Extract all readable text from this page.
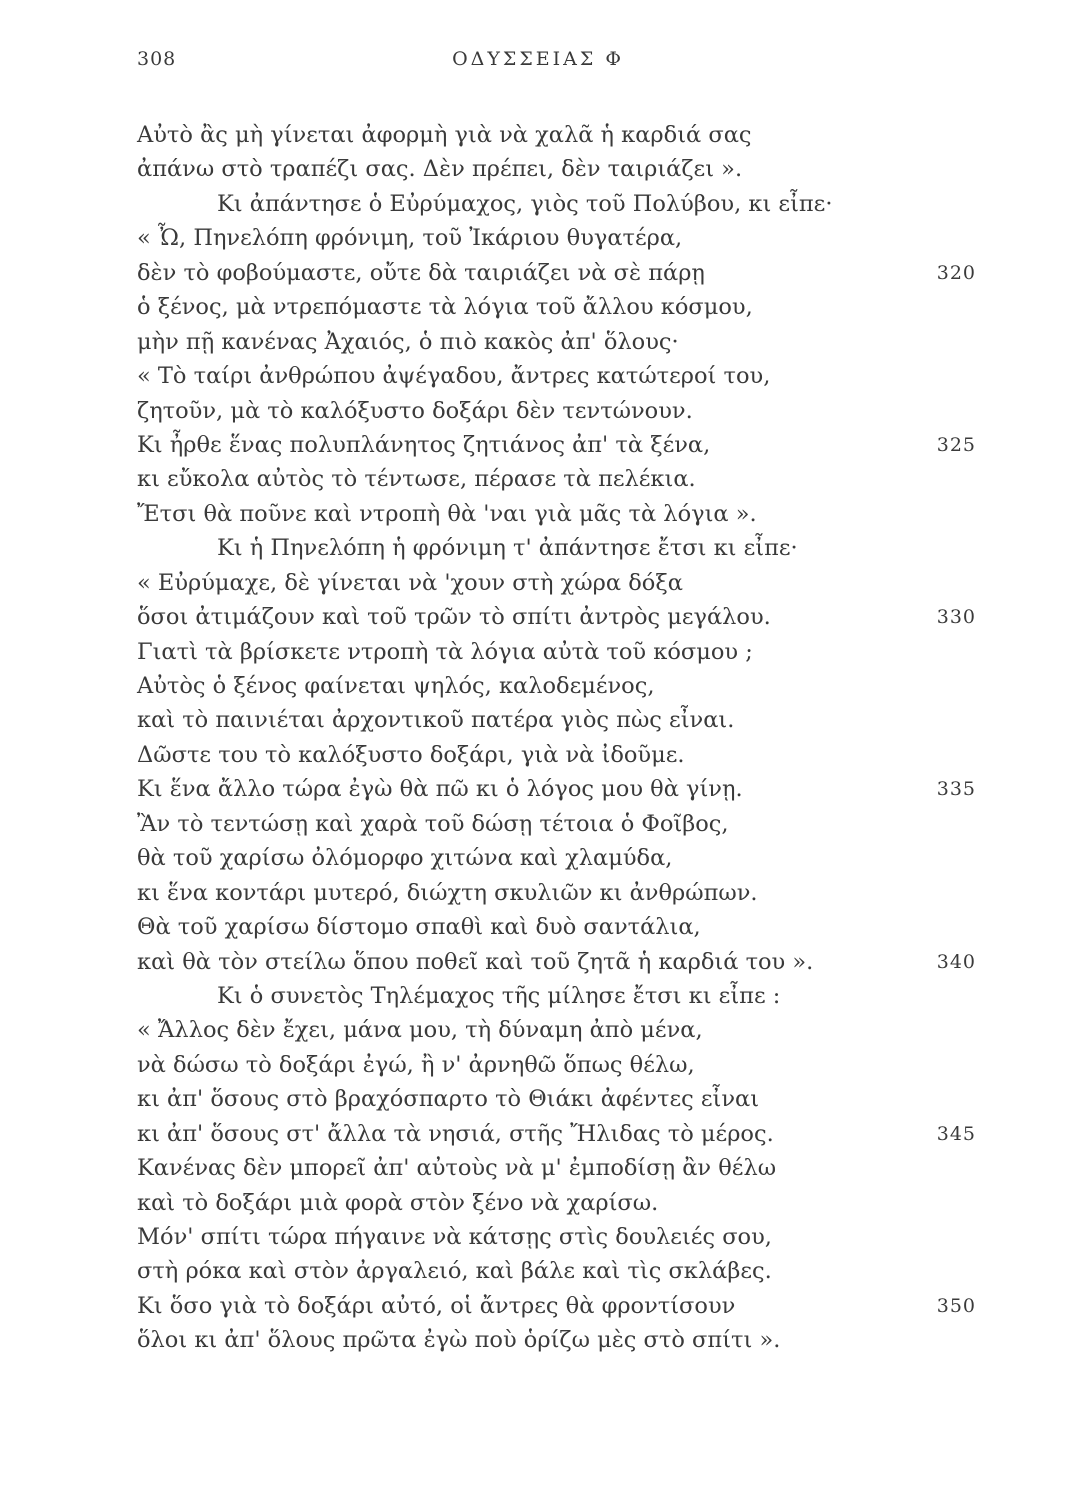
308	ΟΔΥΣΣΕΙΑΣ Φ
Αὐτὸ ἂς μὴ γίνεται ἀφορμὴ γιὰ νὰ χαλᾶ ἡ καρδιά σας
ἀπάνω στὸ τραπέζι σας. Δὲν πρέπει, δὲν ταιριάζει ».
Κι ἀπάντησε ὁ Εὐρύμαχος, γιὸς τοῦ Πολύβου, κι εἶπε·
« Ὦ, Πηνελόπη φρόνιμη, τοῦ Ἰκάριου θυγατέρα,
δὲν τὸ φοβούμαστε, οὔτε δὰ ταιριάζει νὰ σὲ πάρῃ	320
ὁ ξένος, μὰ ντρεπόμαστε τὰ λόγια τοῦ ἄλλου κόσμου,
μὴν πῇ κανένας Ἀχαιός, ὁ πιὸ κακὸς ἀπ' ὅλους·
« Τὸ ταίρι ἀνθρώπου ἀψέγαδου, ἄντρες κατώτεροί του,
ζητοῦν, μὰ τὸ καλόξυστο δοξάρι δὲν τεντώνουν.
Κι ἦρθε ἕνας πολυπλάνητος ζητιάνος ἀπ' τὰ ξένα,	325
κι εὔκολα αὐτὸς τὸ τέντωσε, πέρασε τὰ πελέκια.
Ἔτσι θὰ ποῦνε καὶ ντροπὴ θὰ 'ναι γιὰ μᾶς τὰ λόγια ».
Κι ἡ Πηνελόπη ἡ φρόνιμη τ' ἀπάντησε ἔτσι κι εἶπε·
« Εὐρύμαχε, δὲ γίνεται νὰ 'χουν στὴ χώρα δόξα
ὅσοι ἀτιμάζουν καὶ τοῦ τρῶν τὸ σπίτι ἀντρὸς μεγάλου.	330
Γιατὶ τὰ βρίσκετε ντροπὴ τὰ λόγια αὐτὰ τοῦ κόσμου ;
Αὐτὸς ὁ ξένος φαίνεται ψηλός, καλοδεμένος,
καὶ τὸ παινιέται ἀρχοντικοῦ πατέρα γιὸς πὼς εἶναι.
Δῶστε του τὸ καλόξυστο δοξάρι, γιὰ νὰ ἰδοῦμε.
Κι ἕνα ἄλλο τώρα ἐγὼ θὰ πῶ κι ὁ λόγος μου θὰ γίνῃ.	335
Ἂν τὸ τεντώσῃ καὶ χαρὰ τοῦ δώσῃ τέτοια ὁ Φοῖβος,
θὰ τοῦ χαρίσω ὀλόμορφο χιτώνα καὶ χλαμύδα,
κι ἕνα κοντάρι μυτερό, διώχτη σκυλιῶν κι ἀνθρώπων.
Θὰ τοῦ χαρίσω δίστομο σπαθὶ καὶ δυὸ σαντάλια,
καὶ θὰ τὸν στείλω ὅπου ποθεῖ καὶ τοῦ ζητᾶ ἡ καρδιά του ».	340
Κι ὁ συνετὸς Τηλέμαχος τῆς μίλησε ἔτσι κι εἶπε :
« Ἄλλος δὲν ἔχει, μάνα μου, τὴ δύναμη ἀπὸ μένα,
νὰ δώσω τὸ δοξάρι ἐγώ, ἢ ν' ἀρνηθῶ ὅπως θέλω,
κι ἀπ' ὅσους στὸ βραχόσπαρτο τὸ Θιάκι ἀφέντες εἶναι
κι ἀπ' ὅσους στ' ἄλλα τὰ νησιά, στῆς Ἤλιδας τὸ μέρος.	345
Κανένας δὲν μπορεῖ ἀπ' αὐτοὺς νὰ μ' ἐμποδίσῃ ἂν θέλω
καὶ τὸ δοξάρι μιὰ φορὰ στὸν ξένο νὰ χαρίσω.
Μόν' σπίτι τώρα πήγαινε νὰ κάτσῃς στὶς δουλειές σου,
στὴ ρόκα καὶ στὸν ἀργαλειό, καὶ βάλε καὶ τὶς σκλάβες.
Κι ὅσο γιὰ τὸ δοξάρι αὐτό, οἱ ἄντρες θὰ φροντίσουν	350
ὅλοι κι ἀπ' ὅλους πρῶτα ἐγὼ ποὺ ὁρίζω μὲς στὸ σπίτι ».
